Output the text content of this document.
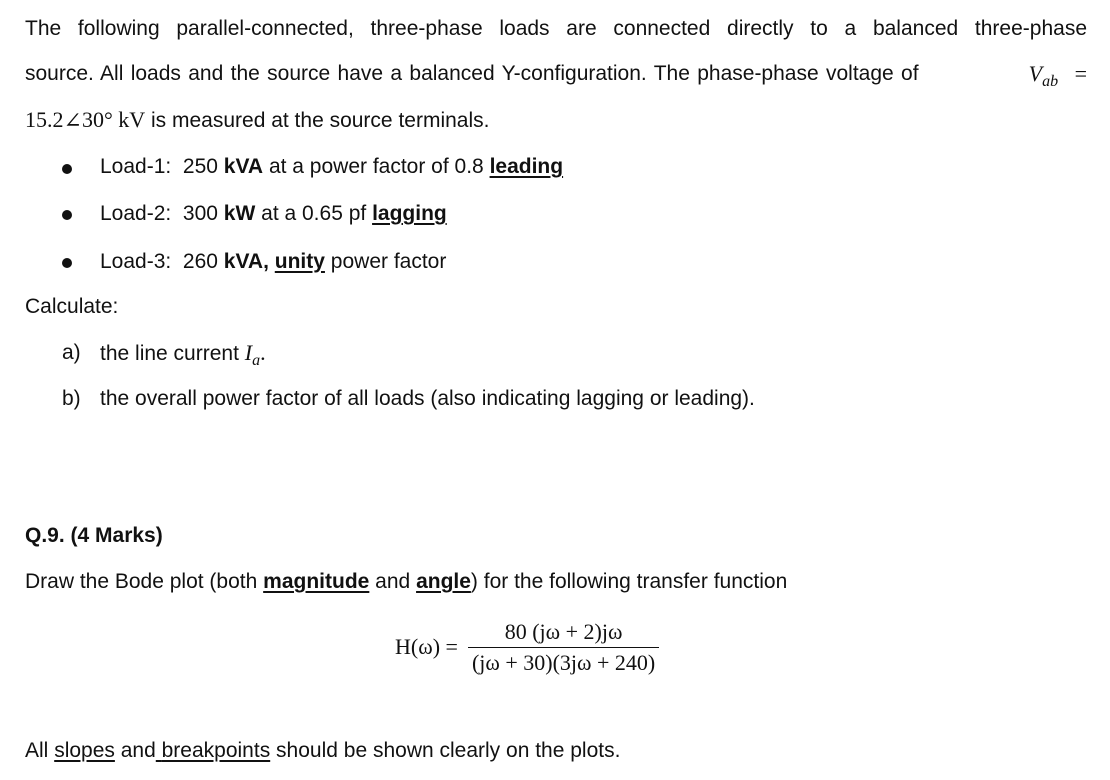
The following parallel-connected, three-phase loads are connected directly to a balanced three-phase
source. All loads and the source have a balanced Y-configuration. The phase-phase voltage of	$V_{ab}$ =
15.2∠30° kV is measured at the source terminals.
Load-1: 250 kVA at a power factor of 0.8 leading
Load-2: 300 kW at a 0.65 pf lagging
Load-3: 260 kVA, unity power factor
Calculate:
a) the line current $I_a$.
b) the overall power factor of all loads (also indicating lagging or leading).
Q.9. (4 Marks)
Draw the Bode plot (both magnitude and angle) for the following transfer function
$H(\omega) = \frac{80 (j\omega + 2)j\omega}{(j\omega + 30)(3j\omega + 240)}$
All slopes and breakpoints should be shown clearly on the plots.
